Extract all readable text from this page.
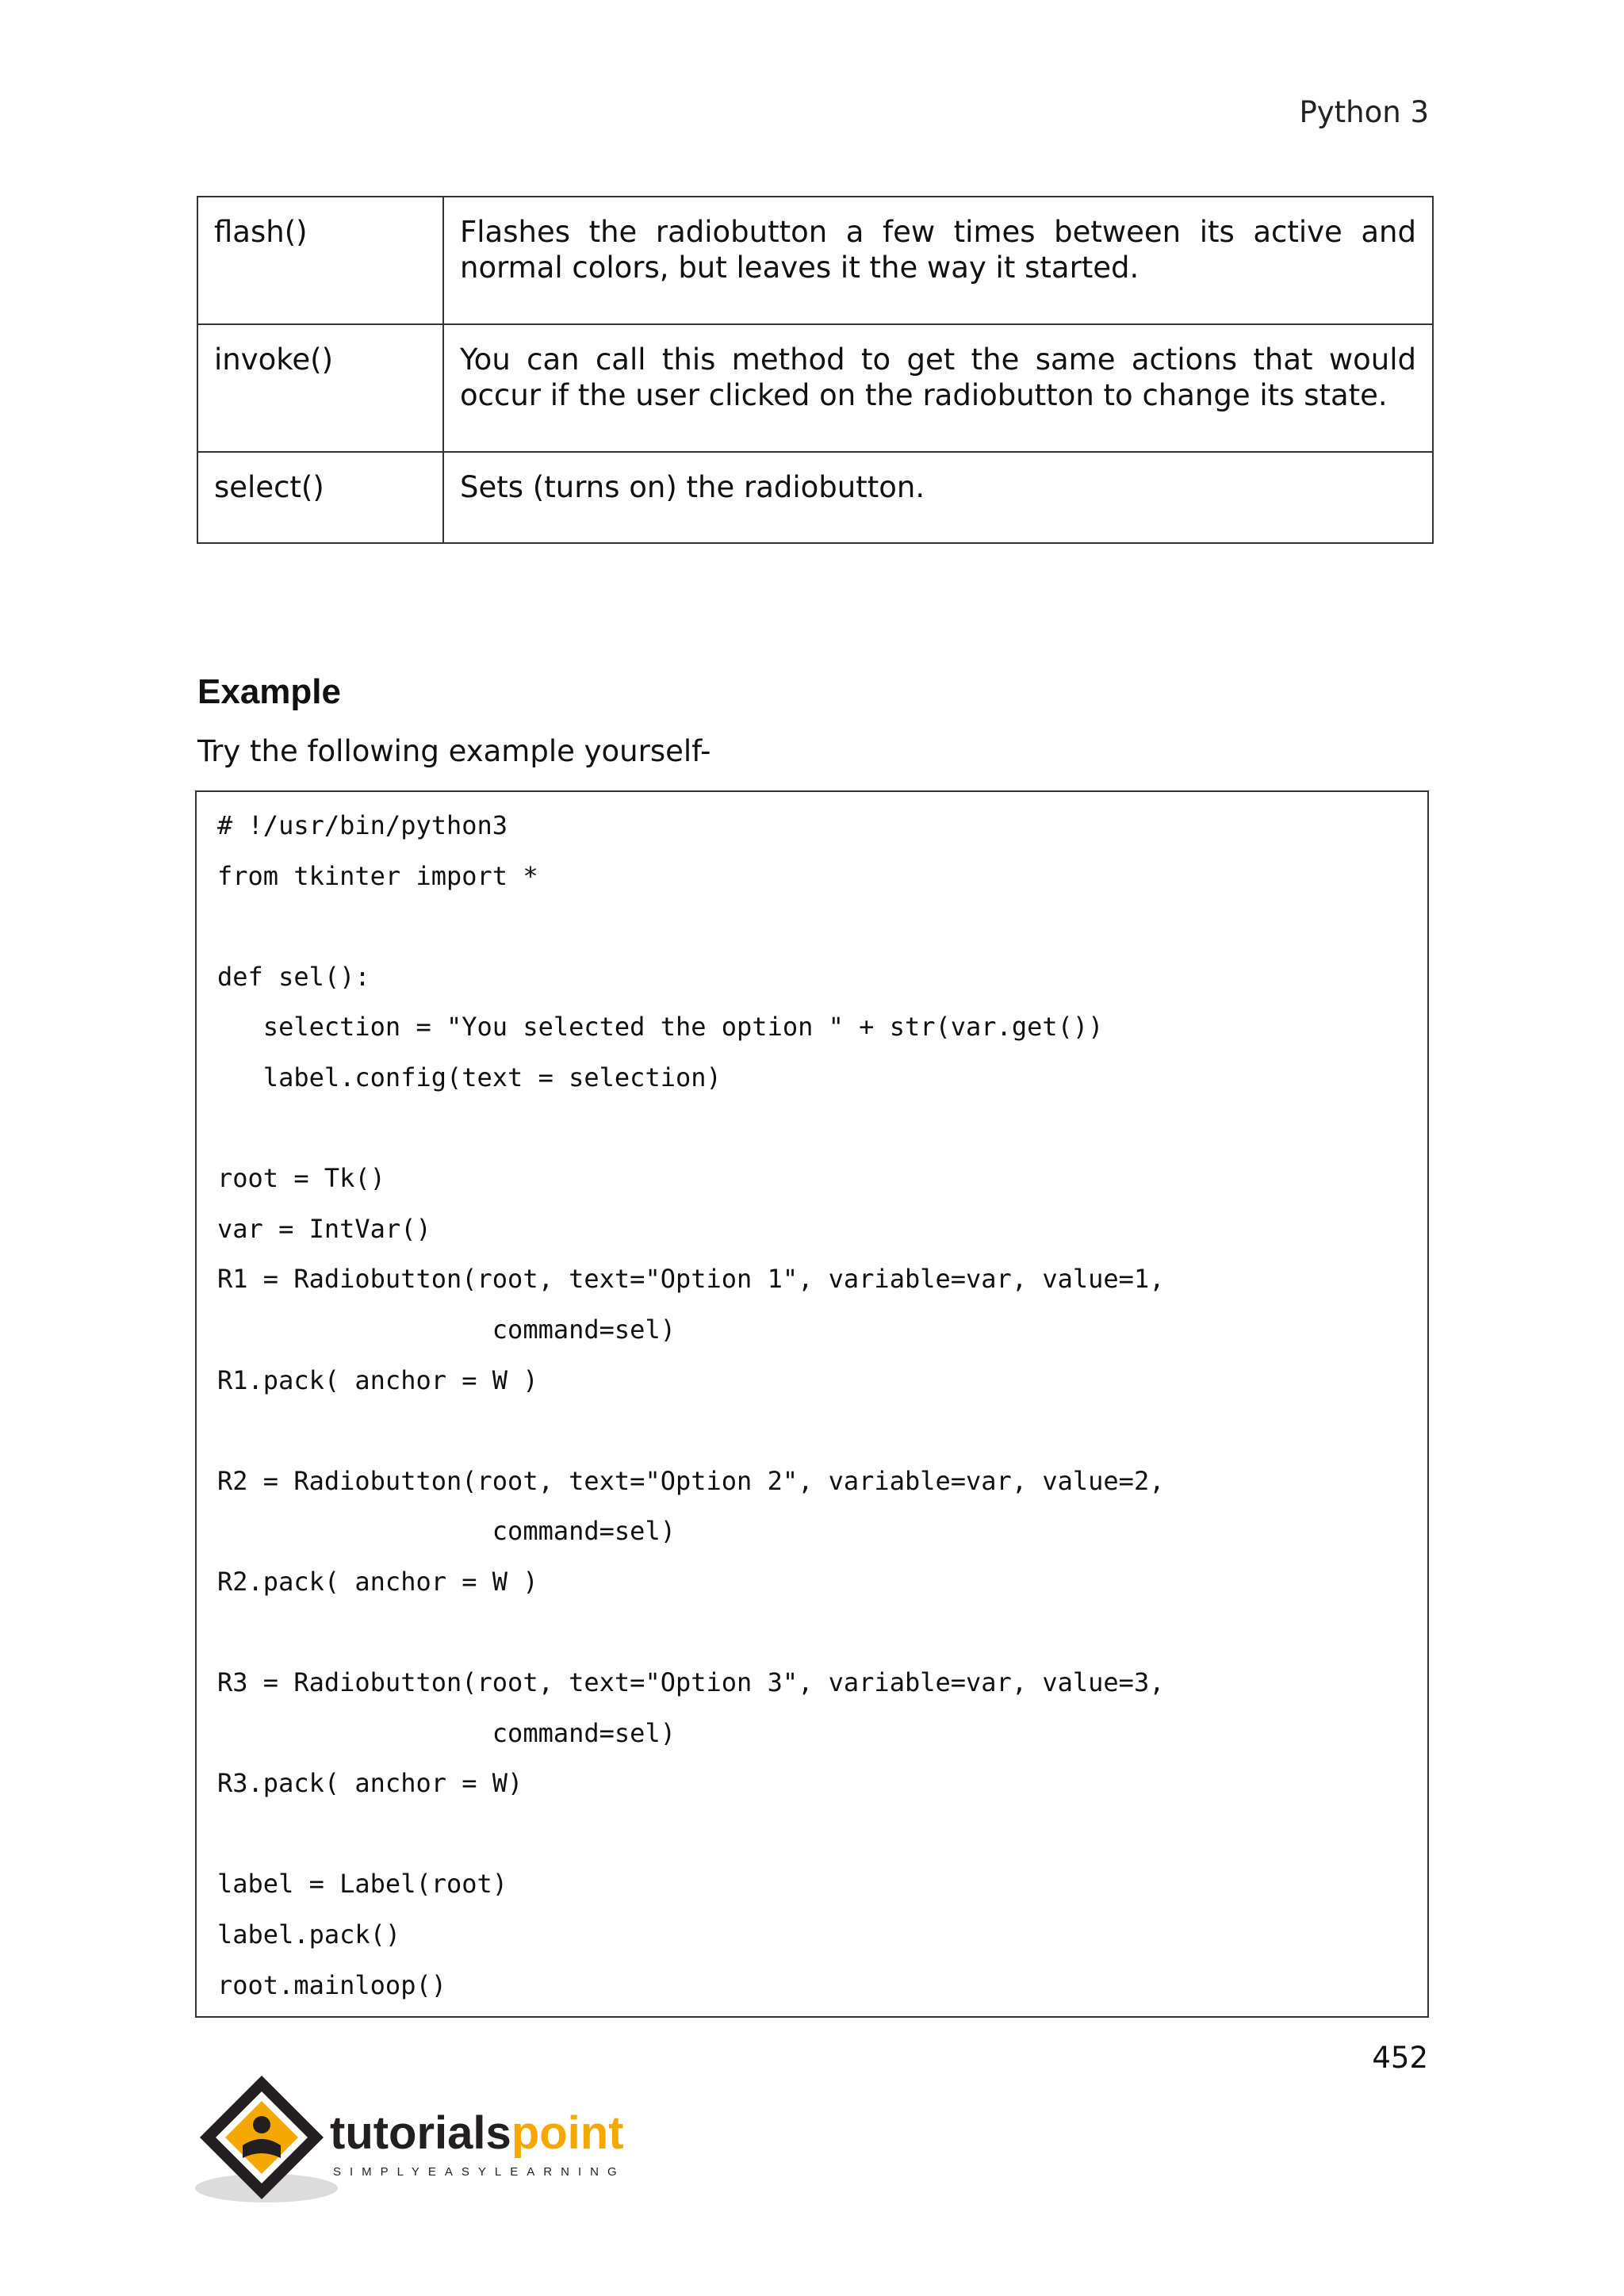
Python 3
flash()	Flashes the radiobutton a few times between its active and normal colors, but leaves it the way it started.
invoke()	You can call this method to get the same actions that would occur if the user clicked on the radiobutton to change its state.
select()	Sets (turns on) the radiobutton.
Example
Try the following example yourself-
# !/usr/bin/python3
from tkinter import *
def sel():
selection = "You selected the option " + str(var.get())
label.config(text = selection)
root = Tk()
var = IntVar()
R1 = Radiobutton(root, text="Option 1", variable=var, value=1,
command=sel)
R1.pack( anchor = W )
R2 = Radiobutton(root, text="Option 2", variable=var, value=2,
command=sel)
R2.pack( anchor = W )
R3 = Radiobutton(root, text="Option 3", variable=var, value=3,
command=sel)
R3.pack( anchor = W)
label = Label(root)
label.pack()
root.mainloop()
452
tutorialspoint
SIMPLYEASYLEARNING
